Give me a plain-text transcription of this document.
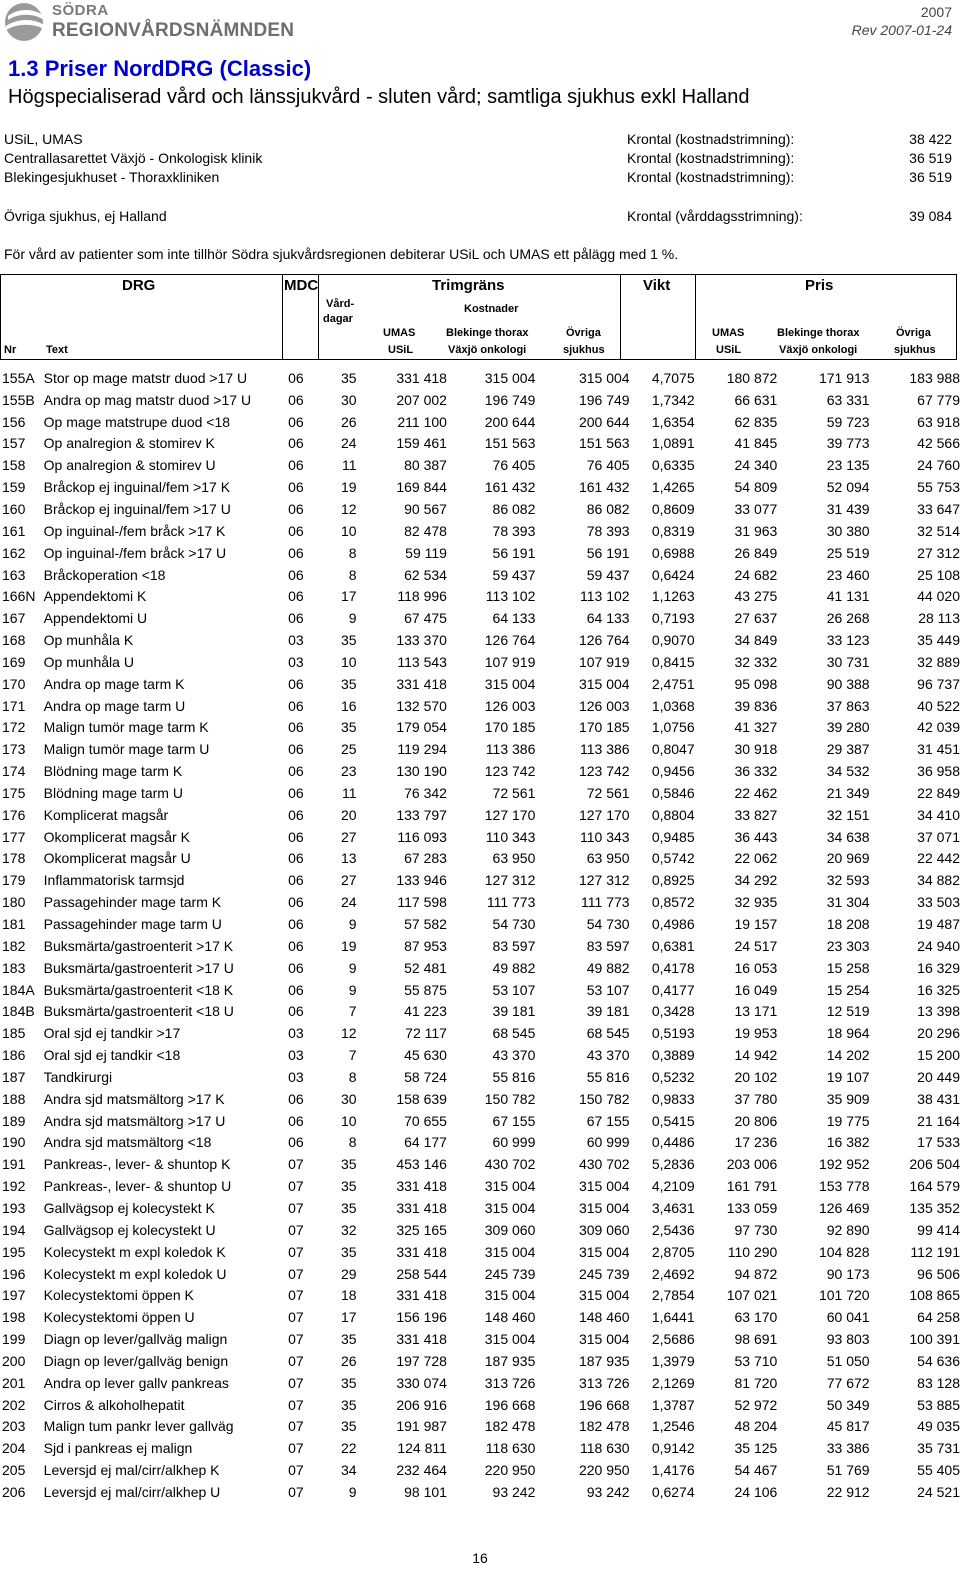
SÖDRA
REGIONVÅRDSNÄMNDEN
2007
Rev 2007-01-24
1.3 Priser NordDRG (Classic)
Högspecialiserad vård och länssjukvård - sluten vård; samtliga sjukhus exkl Halland
USiL, UMAS	Krontal (kostnadstrimning):	38 422
Centrallasarettet Växjö - Onkologisk klinik	Krontal (kostnadstrimning):	36 519
Blekingesjukhuset - Thoraxkliniken	Krontal (kostnadstrimning):	36 519
Övriga sjukhus, ej Halland	Krontal (vårddagsstrimning):	39 084
För vård av patienter som inte tillhör Södra sjukvårdsregionen debiterar USiL och UMAS ett pålägg med 1 %.
DRG	MDC	Trimgräns	Vikt	Pris
Vård-
dagar
Kostnader
UMAS	Blekinge thorax	Övriga	UMAS	Blekinge thorax	Övriga
Nr	Text	USiL	Växjö onkologi	sjukhus	USiL	Växjö onkologi	sjukhus
155A	Stor op mage matstr duod >17 U	06	35	331 418	315 004	315 004	4,7075	180 872	171 913	183 988
155B	Andra op mag matstr duod >17 U	06	30	207 002	196 749	196 749	1,7342	66 631	63 331	67 779
156	Op mage matstrupe duod <18	06	26	211 100	200 644	200 644	1,6354	62 835	59 723	63 918
157	Op analregion & stomirev K	06	24	159 461	151 563	151 563	1,0891	41 845	39 773	42 566
158	Op analregion & stomirev U	06	11	80 387	76 405	76 405	0,6335	24 340	23 135	24 760
159	Bråckop ej inguinal/fem >17 K	06	19	169 844	161 432	161 432	1,4265	54 809	52 094	55 753
160	Bråckop ej inguinal/fem >17 U	06	12	90 567	86 082	86 082	0,8609	33 077	31 439	33 647
161	Op inguinal-/fem bråck >17 K	06	10	82 478	78 393	78 393	0,8319	31 963	30 380	32 514
162	Op inguinal-/fem bråck >17 U	06	8	59 119	56 191	56 191	0,6988	26 849	25 519	27 312
163	Bråckoperation <18	06	8	62 534	59 437	59 437	0,6424	24 682	23 460	25 108
166N	Appendektomi K	06	17	118 996	113 102	113 102	1,1263	43 275	41 131	44 020
167	Appendektomi U	06	9	67 475	64 133	64 133	0,7193	27 637	26 268	28 113
168	Op munhåla K	03	35	133 370	126 764	126 764	0,9070	34 849	33 123	35 449
169	Op munhåla U	03	10	113 543	107 919	107 919	0,8415	32 332	30 731	32 889
170	Andra op mage tarm K	06	35	331 418	315 004	315 004	2,4751	95 098	90 388	96 737
171	Andra op mage tarm U	06	16	132 570	126 003	126 003	1,0368	39 836	37 863	40 522
172	Malign tumör mage tarm K	06	35	179 054	170 185	170 185	1,0756	41 327	39 280	42 039
173	Malign tumör mage tarm U	06	25	119 294	113 386	113 386	0,8047	30 918	29 387	31 451
174	Blödning mage tarm K	06	23	130 190	123 742	123 742	0,9456	36 332	34 532	36 958
175	Blödning mage tarm U	06	11	76 342	72 561	72 561	0,5846	22 462	21 349	22 849
176	Komplicerat magsår	06	20	133 797	127 170	127 170	0,8804	33 827	32 151	34 410
177	Okomplicerat magsår K	06	27	116 093	110 343	110 343	0,9485	36 443	34 638	37 071
178	Okomplicerat magsår U	06	13	67 283	63 950	63 950	0,5742	22 062	20 969	22 442
179	Inflammatorisk tarmsjd	06	27	133 946	127 312	127 312	0,8925	34 292	32 593	34 882
180	Passagehinder mage tarm K	06	24	117 598	111 773	111 773	0,8572	32 935	31 304	33 503
181	Passagehinder mage tarm U	06	9	57 582	54 730	54 730	0,4986	19 157	18 208	19 487
182	Buksmärta/gastroenterit >17 K	06	19	87 953	83 597	83 597	0,6381	24 517	23 303	24 940
183	Buksmärta/gastroenterit >17 U	06	9	52 481	49 882	49 882	0,4178	16 053	15 258	16 329
184A	Buksmärta/gastroenterit <18 K	06	9	55 875	53 107	53 107	0,4177	16 049	15 254	16 325
184B	Buksmärta/gastroenterit <18 U	06	7	41 223	39 181	39 181	0,3428	13 171	12 519	13 398
185	Oral sjd ej tandkir >17	03	12	72 117	68 545	68 545	0,5193	19 953	18 964	20 296
186	Oral sjd ej tandkir <18	03	7	45 630	43 370	43 370	0,3889	14 942	14 202	15 200
187	Tandkirurgi	03	8	58 724	55 816	55 816	0,5232	20 102	19 107	20 449
188	Andra sjd matsmältorg >17 K	06	30	158 639	150 782	150 782	0,9833	37 780	35 909	38 431
189	Andra sjd matsmältorg >17 U	06	10	70 655	67 155	67 155	0,5415	20 806	19 775	21 164
190	Andra sjd matsmältorg <18	06	8	64 177	60 999	60 999	0,4486	17 236	16 382	17 533
191	Pankreas-, lever- & shuntop K	07	35	453 146	430 702	430 702	5,2836	203 006	192 952	206 504
192	Pankreas-, lever- & shuntop U	07	35	331 418	315 004	315 004	4,2109	161 791	153 778	164 579
193	Gallvägsop ej kolecystekt K	07	35	331 418	315 004	315 004	3,4631	133 059	126 469	135 352
194	Gallvägsop ej kolecystekt U	07	32	325 165	309 060	309 060	2,5436	97 730	92 890	99 414
195	Kolecystekt m expl koledok K	07	35	331 418	315 004	315 004	2,8705	110 290	104 828	112 191
196	Kolecystekt m expl koledok U	07	29	258 544	245 739	245 739	2,4692	94 872	90 173	96 506
197	Kolecystektomi öppen K	07	18	331 418	315 004	315 004	2,7854	107 021	101 720	108 865
198	Kolecystektomi öppen U	07	17	156 196	148 460	148 460	1,6441	63 170	60 041	64 258
199	Diagn op lever/gallväg malign	07	35	331 418	315 004	315 004	2,5686	98 691	93 803	100 391
200	Diagn op lever/gallväg benign	07	26	197 728	187 935	187 935	1,3979	53 710	51 050	54 636
201	Andra op lever gallv pankreas	07	35	330 074	313 726	313 726	2,1269	81 720	77 672	83 128
202	Cirros & alkoholhepatit	07	35	206 916	196 668	196 668	1,3787	52 972	50 349	53 885
203	Malign tum pankr lever gallväg	07	35	191 987	182 478	182 478	1,2546	48 204	45 817	49 035
204	Sjd i pankreas ej malign	07	22	124 811	118 630	118 630	0,9142	35 125	33 386	35 731
205	Leversjd ej mal/cirr/alkhep K	07	34	232 464	220 950	220 950	1,4176	54 467	51 769	55 405
206	Leversjd ej mal/cirr/alkhep U	07	9	98 101	93 242	93 242	0,6274	24 106	22 912	24 521
16
